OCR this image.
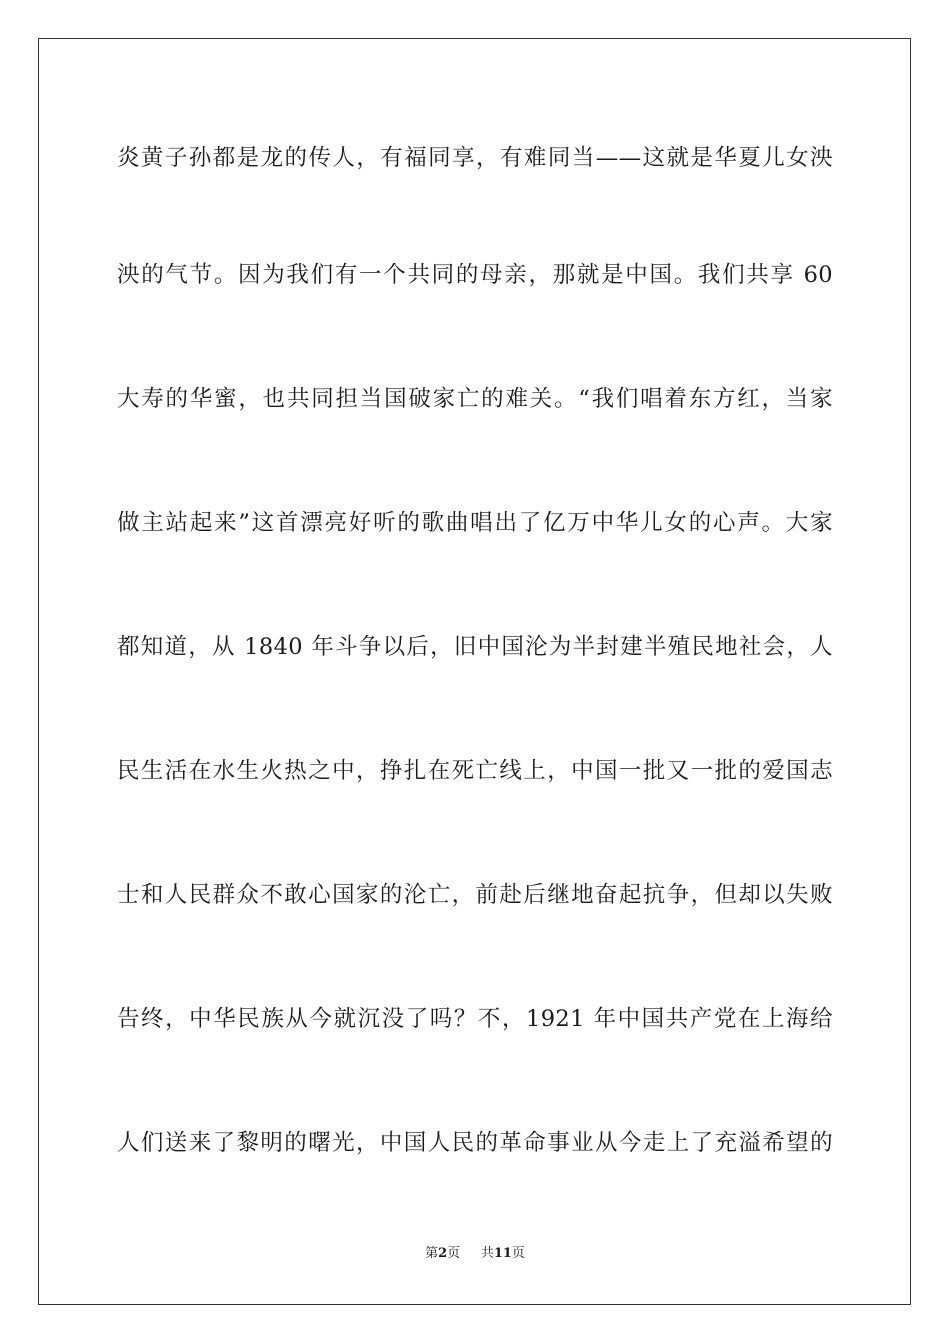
炎黄子孙都是龙的传人，有福同享，有难同当——这就是华夏儿女泱
泱的气节。因为我们有一个共同的母亲，那就是中国。我们共享 60
大寿的华蜜，也共同担当国破家亡的难关。“我们唱着东方红，当家
做主站起来”这首漂亮好听的歌曲唱出了亿万中华儿女的心声。大家
都知道，从 1840 年斗争以后，旧中国沦为半封建半殖民地社会，人
民生活在水生火热之中，挣扎在死亡线上，中国一批又一批的爱国志
士和人民群众不敢心国家的沦亡，前赴后继地奋起抗争，但却以失败
告终，中华民族从今就沉没了吗？不，1921 年中国共产党在上海给
人们送来了黎明的曙光，中国人民的革命事业从今走上了充溢希望的
第2页 共11页
